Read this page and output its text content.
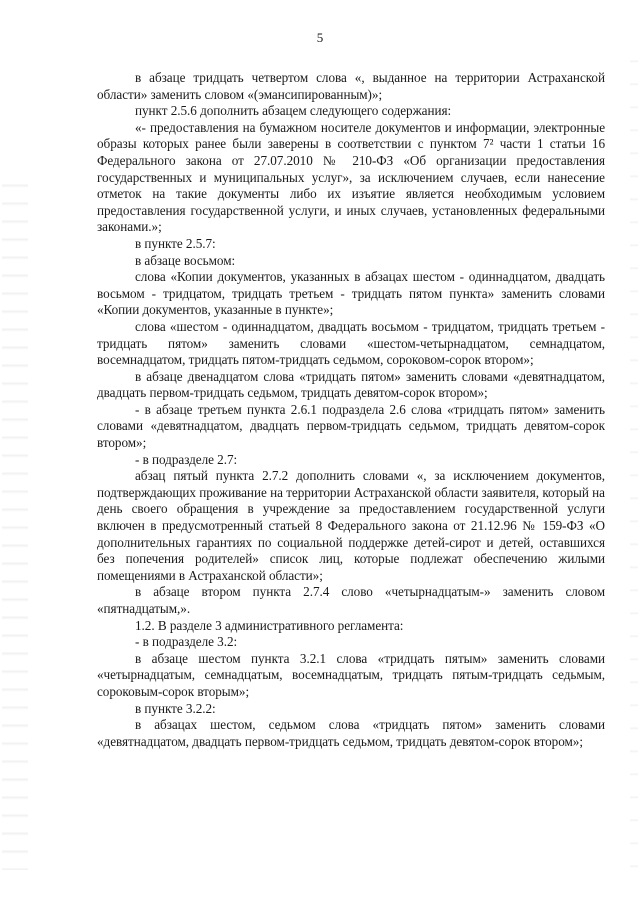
5

в абзаце тридцать четвертом слова «, выданное на территории Астраханской области» заменить словом «(эмансипированным)»;

пункт 2.5.6 дополнить абзацем следующего содержания:

«- предоставления на бумажном носителе документов и информации, электронные образы которых ранее были заверены в соответствии с пунктом 7² части 1 статьи 16 Федерального закона от 27.07.2010 № 210-ФЗ «Об организации предоставления государственных и муниципальных услуг», за исключением случаев, если нанесение отметок на такие документы либо их изъятие является необходимым условием предоставления государственной услуги, и иных случаев, установленных федеральными законами.»;

в пункте 2.5.7:

в абзаце восьмом:

слова «Копии документов, указанных в абзацах шестом - одиннадцатом, двадцать восьмом - тридцатом, тридцать третьем - тридцать пятом пункта» заменить словами «Копии документов, указанные в пункте»;

слова «шестом - одиннадцатом, двадцать восьмом - тридцатом, тридцать третьем - тридцать пятом» заменить словами «шестом-четырнадцатом, семнадцатом, восемнадцатом, тридцать пятом-тридцать седьмом, сороковом-сорок втором»;

в абзаце двенадцатом слова «тридцать пятом» заменить словами «девятнадцатом, двадцать первом-тридцать седьмом, тридцать девятом-сорок втором»;

- в абзаце третьем пункта 2.6.1 подраздела 2.6 слова «тридцать пятом» заменить словами «девятнадцатом, двадцать первом-тридцать седьмом, тридцать девятом-сорок втором»;

- в подразделе 2.7:

абзац пятый пункта 2.7.2 дополнить словами «, за исключением документов, подтверждающих проживание на территории Астраханской области заявителя, который на день своего обращения в учреждение за предоставлением государственной услуги включен в предусмотренный статьей 8 Федерального закона от 21.12.96 № 159-ФЗ «О дополнительных гарантиях по социальной поддержке детей-сирот и детей, оставшихся без попечения родителей» список лиц, которые подлежат обеспечению жилыми помещениями в Астраханской области»;

в абзаце втором пункта 2.7.4 слово «четырнадцатым-» заменить словом «пятнадцатым,».

1.2. В разделе 3 административного регламента:

- в подразделе 3.2:

в абзаце шестом пункта 3.2.1 слова «тридцать пятым» заменить словами «четырнадцатым, семнадцатым, восемнадцатым, тридцать пятым-тридцать седьмым, сороковым-сорок вторым»;

в пункте 3.2.2:

в абзацах шестом, седьмом слова «тридцать пятом» заменить словами «девятнадцатом, двадцать первом-тридцать седьмом, тридцать девятом-сорок втором»;
